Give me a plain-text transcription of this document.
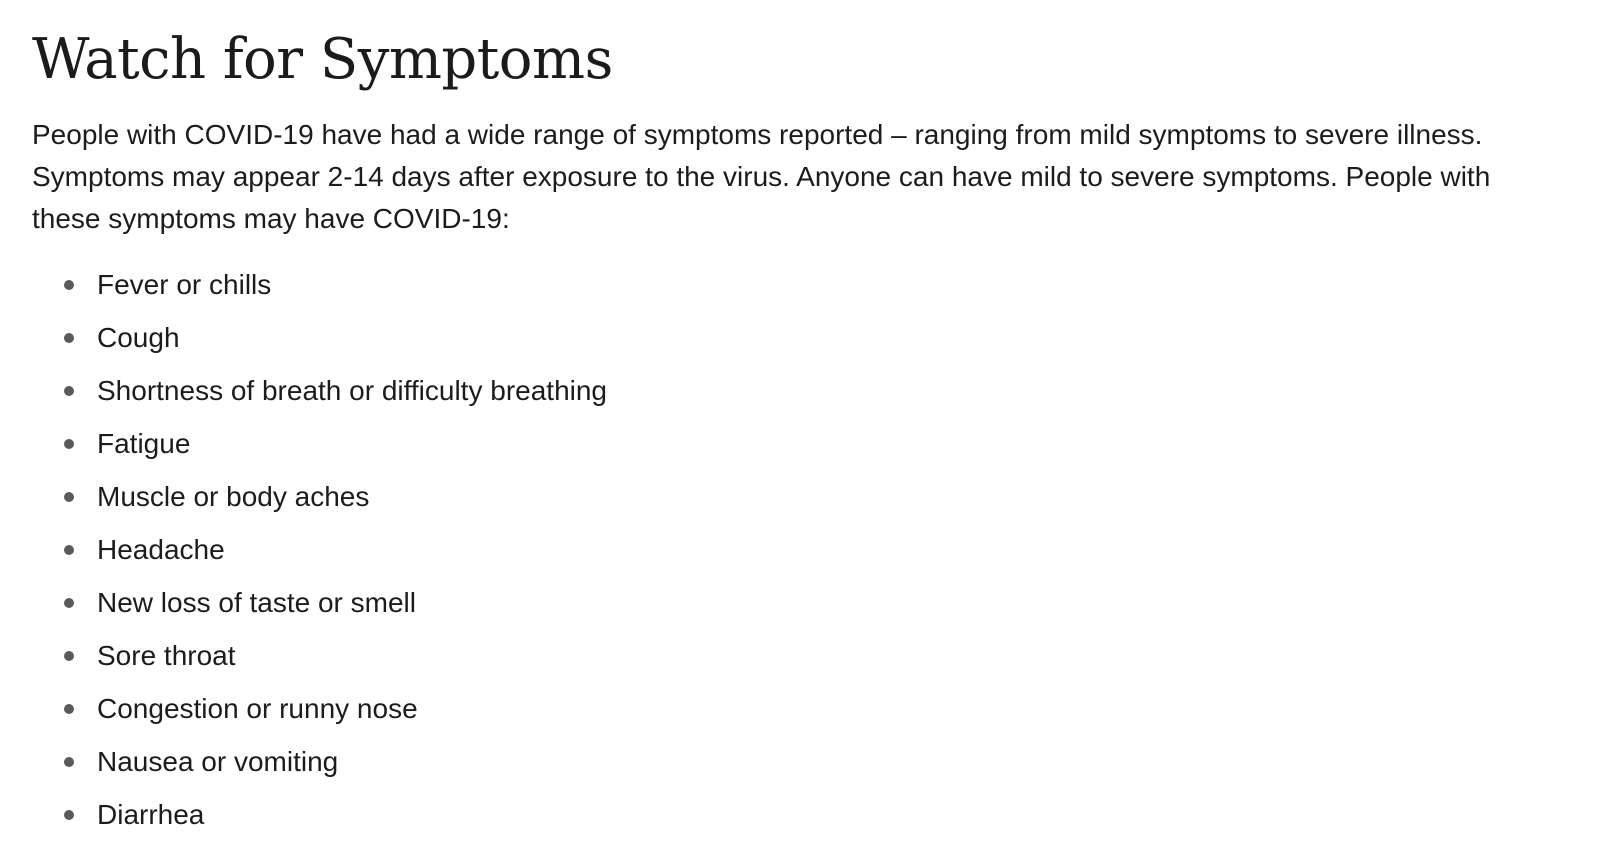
Watch for Symptoms

People with COVID-19 have had a wide range of symptoms reported – ranging from mild symptoms to severe illness. Symptoms may appear 2-14 days after exposure to the virus. Anyone can have mild to severe symptoms. People with these symptoms may have COVID-19:

Fever or chills
Cough
Shortness of breath or difficulty breathing
Fatigue
Muscle or body aches
Headache
New loss of taste or smell
Sore throat
Congestion or runny nose
Nausea or vomiting
Diarrhea
